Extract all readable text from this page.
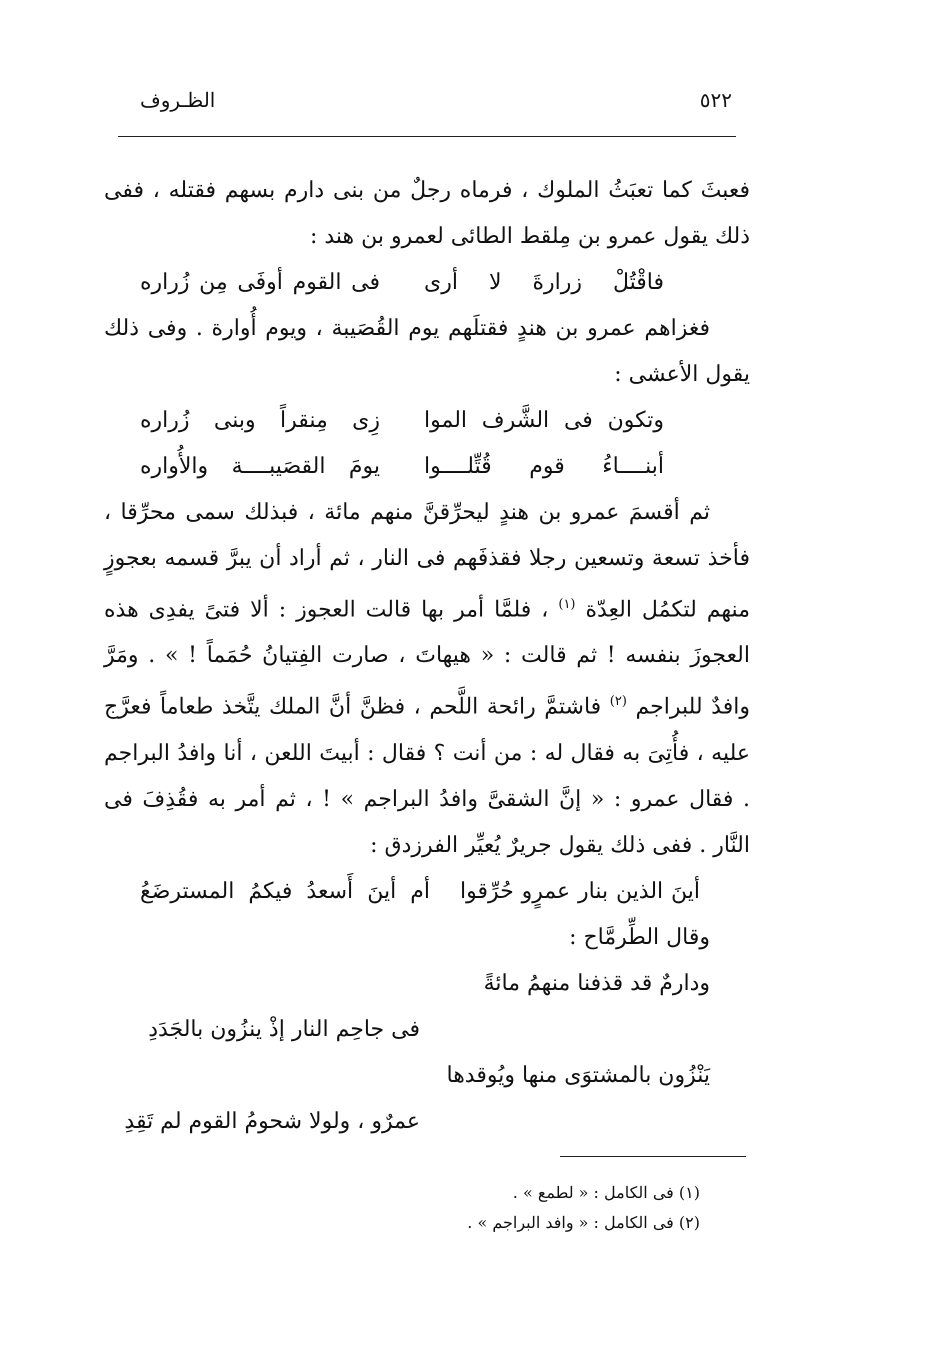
٥٢٢
الظـروف

فعبثَ كما تعبَثُ الملوك ، فرماه رجلٌ من بنى دارم بسهم فقتله ، ففى ذلك يقول عمرو بن مِلقط الطائى لعمرو بن هند :

فاقْتُلْ زرارةَ لا أرى
فى القوم أوفَى مِن زُراره

فغزاهم عمرو بن هندٍ فقتلَهم يوم القُصَيبة ، ويوم أُوارة . وفى ذلك يقول الأعشى :

وتكون فى الشَّرف الموا
زِى مِنقراً وبنى زُراره
أبنــــاءُ قوم قُتِّلــــوا
يومَ القصَيبــــة والأُواره

ثم أقسمَ عمرو بن هندٍ ليحرِّقنَّ منهم مائة ، فبذلك سمى محرِّقا ، فأخذ تسعة وتسعين رجلا فقذفَهم فى النار ، ثم أراد أن يبرَّ قسمه بعجوزٍ منهم لتكمُل العِدّة $^{(١)}$ ، فلمَّا أمر بها قالت العجوز : ألا فتىً يفدِى هذه العجوزَ بنفسه ! ثم قالت : « هيهاتَ ، صارت الفِتيانُ حُمَماً ! » . ومَرَّ وافدٌ للبراجم $^{(٢)}$ فاشتمَّ رائحة اللَّحم ، فظنَّ أنَّ الملك يتَّخذ طعاماً فعرَّج عليه ، فأُتِىَ به فقال له : من أنت ؟ فقال : أبيتَ اللعن ، أنا وافدُ البراجم . فقال عمرو : « إنَّ الشقىَّ وافدُ البراجم » ! ، ثم أمر به فقُذِفَ فى النَّار . ففى ذلك يقول جريرٌ يُعيِّر الفرزدق :

أينَ الذين بنار عمرٍو حُرِّقوا
أم أينَ أَسعدُ فيكمُ المسترضَعُ

وقال الطِّرمَّاح :

ودارمٌ قد قذفنا منهمُ مائةً

فى جاحِم النار إذْ ينزُون بالجَدَدِ

يَنْزُون بالمشتوَى منها ويُوقدها

عمرٌو ، ولولا شحومُ القوم لم تَقِدِ

(١) فى الكامل : « لطمع » .

(٢) فى الكامل : « وافد البراجم » .
